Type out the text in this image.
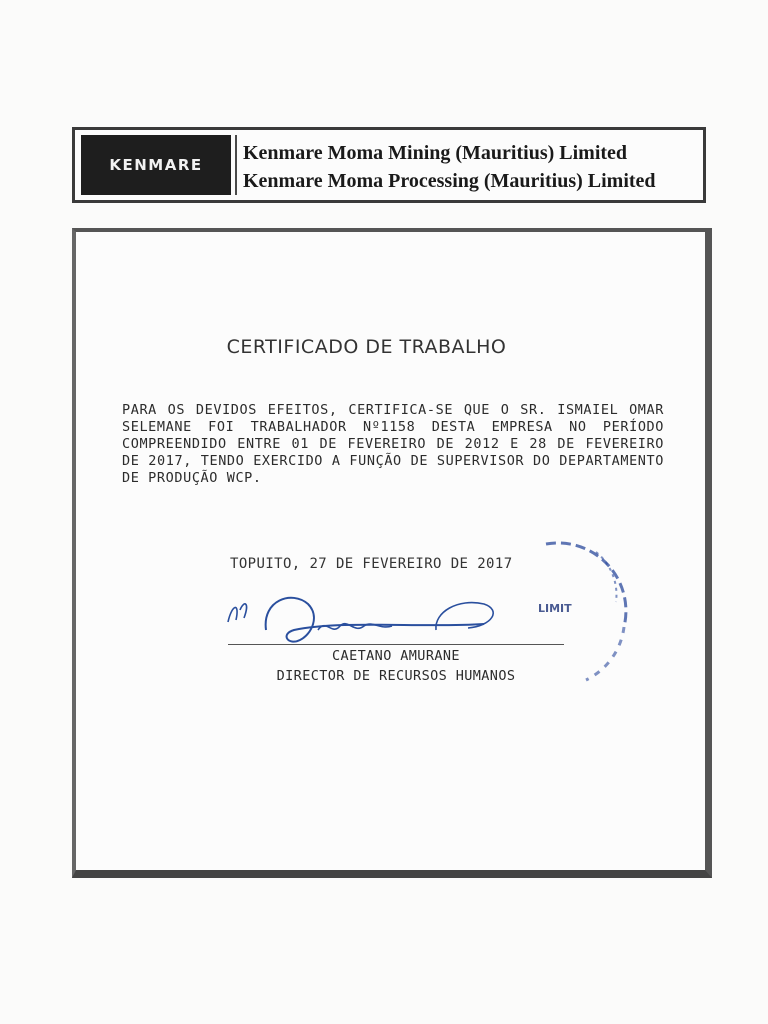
KENMARE
Kenmare Moma Mining (Mauritius) Limited
Kenmare Moma Processing (Mauritius) Limited
CERTIFICADO DE TRABALHO
PARA OS DEVIDOS EFEITOS, CERTIFICA-SE QUE O SR. ISMAIEL OMAR SELEMANE FOI TRABALHADOR Nº1158 DESTA EMPRESA NO PERÍODO COMPREENDIDO ENTRE 01 DE FEVEREIRO DE 2012 E 28 DE FEVEREIRO DE 2017, TENDO EXERCIDO A FUNÇÃO DE SUPERVISOR DO DEPARTAMENTO DE PRODUÇÃO WCP.
TOPUITO, 27 DE FEVEREIRO DE 2017
LIMIT
CAETANO AMURANE
DIRECTOR DE RECURSOS HUMANOS
